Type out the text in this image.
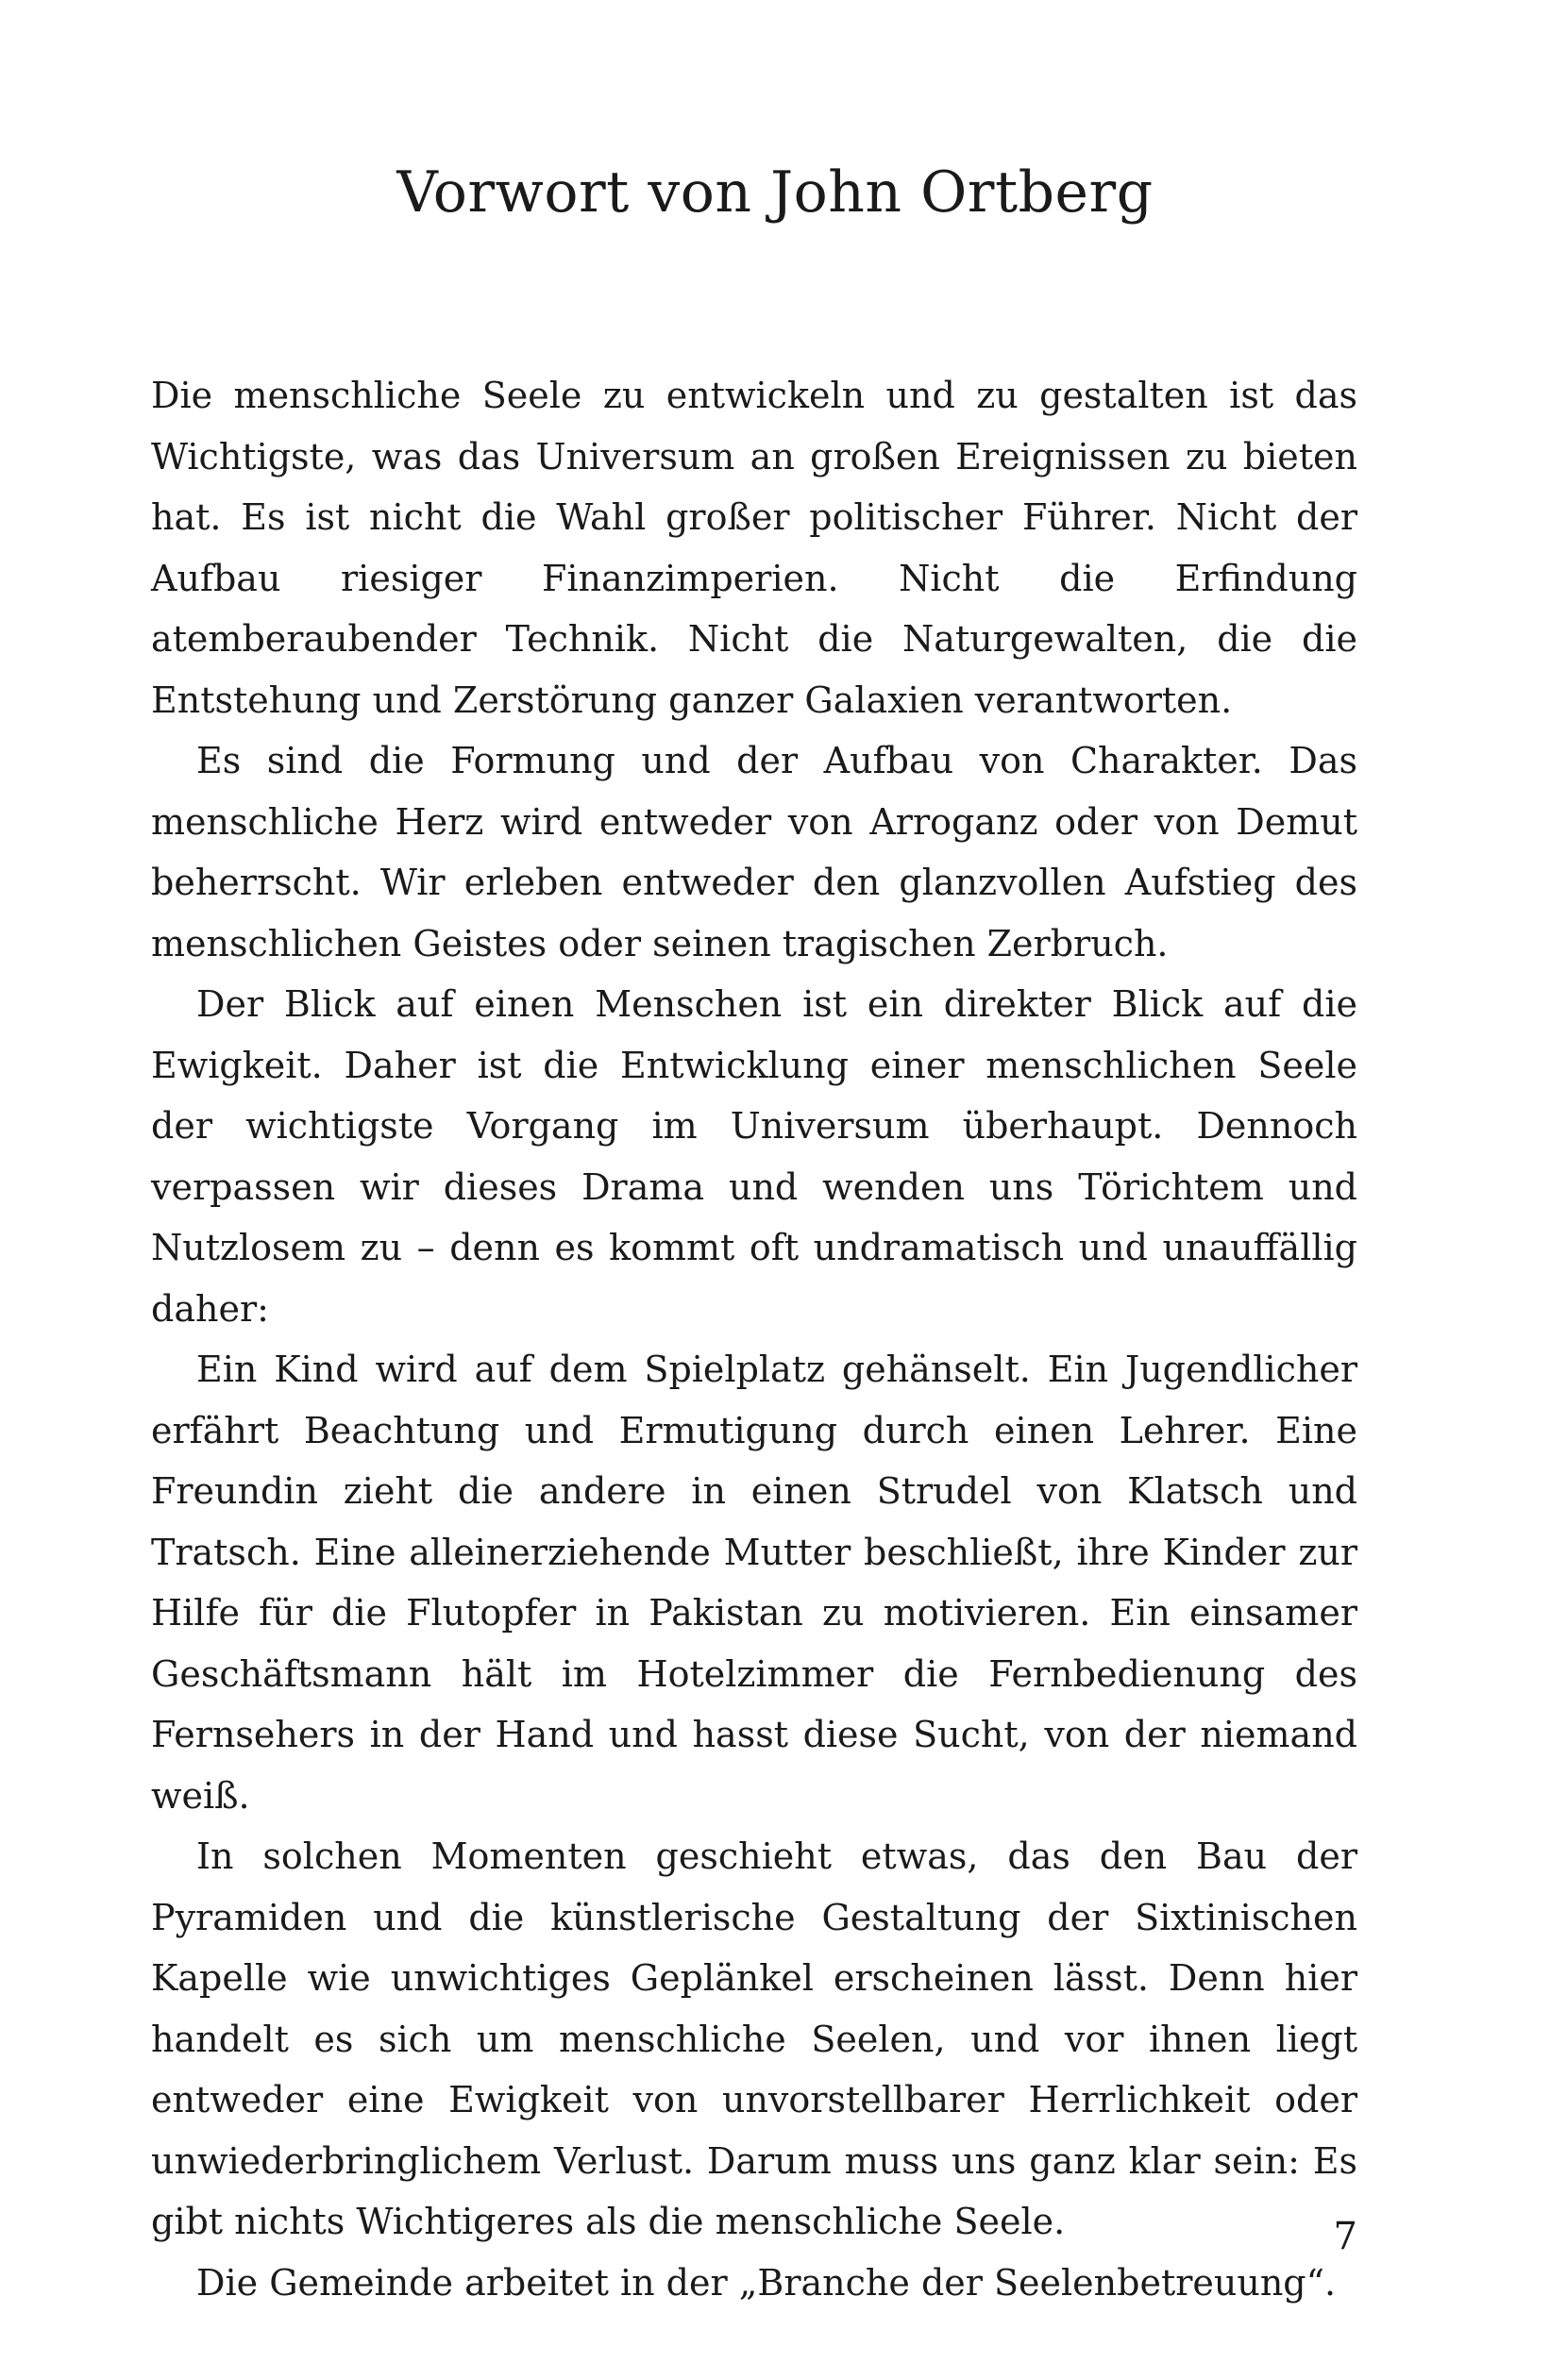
Vorwort von John Ortberg

Die menschliche Seele zu entwickeln und zu gestalten ist das Wichtigste, was das Universum an großen Ereignissen zu bieten hat. Es ist nicht die Wahl großer politischer Führer. Nicht der Aufbau riesiger Finanzimperien. Nicht die Erfindung atemberaubender Technik. Nicht die Naturgewalten, die die Entstehung und Zerstörung ganzer Galaxien verantworten.

Es sind die Formung und der Aufbau von Charakter. Das menschliche Herz wird entweder von Arroganz oder von Demut beherrscht. Wir erleben entweder den glanzvollen Aufstieg des menschlichen Geistes oder seinen tragischen Zerbruch.

Der Blick auf einen Menschen ist ein direkter Blick auf die Ewigkeit. Daher ist die Entwicklung einer menschlichen Seele der wichtigste Vorgang im Universum überhaupt. Dennoch verpassen wir dieses Drama und wenden uns Törichtem und Nutzlosem zu – denn es kommt oft undramatisch und unauffällig daher:

Ein Kind wird auf dem Spielplatz gehänselt. Ein Jugendlicher erfährt Beachtung und Ermutigung durch einen Lehrer. Eine Freundin zieht die andere in einen Strudel von Klatsch und Tratsch. Eine alleinerziehende Mutter beschließt, ihre Kinder zur Hilfe für die Flutopfer in Pakistan zu motivieren. Ein einsamer Geschäftsmann hält im Hotelzimmer die Fernbedienung des Fernsehers in der Hand und hasst diese Sucht, von der niemand weiß.

In solchen Momenten geschieht etwas, das den Bau der Pyramiden und die künstlerische Gestaltung der Sixtinischen Kapelle wie unwichtiges Geplänkel erscheinen lässt. Denn hier handelt es sich um menschliche Seelen, und vor ihnen liegt entweder eine Ewigkeit von unvorstellbarer Herrlichkeit oder unwiederbringlichem Verlust. Darum muss uns ganz klar sein: Es gibt nichts Wichtigeres als die menschliche Seele.

Die Gemeinde arbeitet in der „Branche der Seelenbetreuung“.

7
